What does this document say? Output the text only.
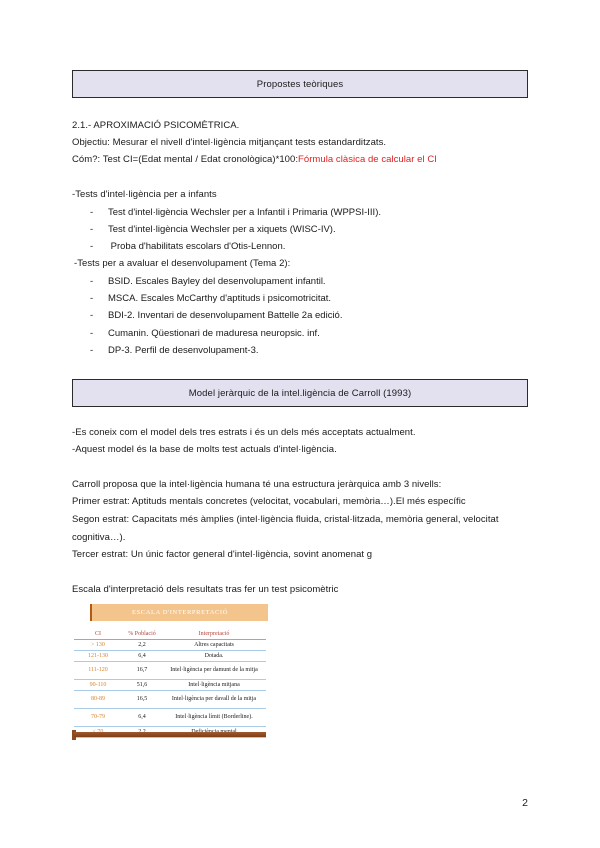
Propostes teòriques
2.1.- APROXIMACIÓ PSICOMÈTRICA.
Objectiu: Mesurar el nivell d'intel·ligència mitjançant tests estandarditzats.
Cóm?: Test CI=(Edat mental / Edat cronològica)*100:Fórmula clàsica de calcular el CI
-Tests d'intel·ligència per a infants
- Test d'intel·ligència Wechsler per a Infantil i Primaria (WPPSI-III).
- Test d'intel·ligència Wechsler per a xiquets (WISC-IV).
- Proba d'habilitats escolars d'Otis-Lennon.
-Tests per a avaluar el desenvolupament (Tema 2):
- BSID. Escales Bayley del desenvolupament infantil.
- MSCA. Escales McCarthy d'aptituds i psicomotricitat.
- BDI-2. Inventari de desenvolupament Battelle 2a edició.
- Cumanin. Qüestionari de maduresa neuropsic. inf.
- DP-3. Perfil de desenvolupament-3.
Model jeràrquic de la intel.ligència de Carroll (1993)
-Es coneix com el model dels tres estrats i és un dels més acceptats actualment.
-Aquest model és la base de molts test actuals d'intel·ligència.
Carroll proposa que la intel·ligència humana té una estructura jeràrquica amb 3 nivells:
Primer estrat: Aptituds mentals concretes (velocitat, vocabulari, memòria…).El més específic
Segon estrat: Capacitats més àmplies (intel·ligència fluida, cristal·litzada, memòria general, velocitat
cognitiva…).
Tercer estrat: Un únic factor general d'intel·ligència, sovint anomenat g
Escala d'interpretació dels resultats tras fer un test psicomètric
ESCALA D'INTERPRETACIÓ
CI	% Població	Interpretació
> 130	2,2	Altres capacitats
121-130	6,4	Dotada.
111-120	16,7	Intel·ligència per damunt de la mitja
90-110	51,6	Intel·ligència mitjana
80-89	16,5	Intel·ligència per davall de la mitja
70-79	6,4	Intel·ligència límit (Borderline).

2
